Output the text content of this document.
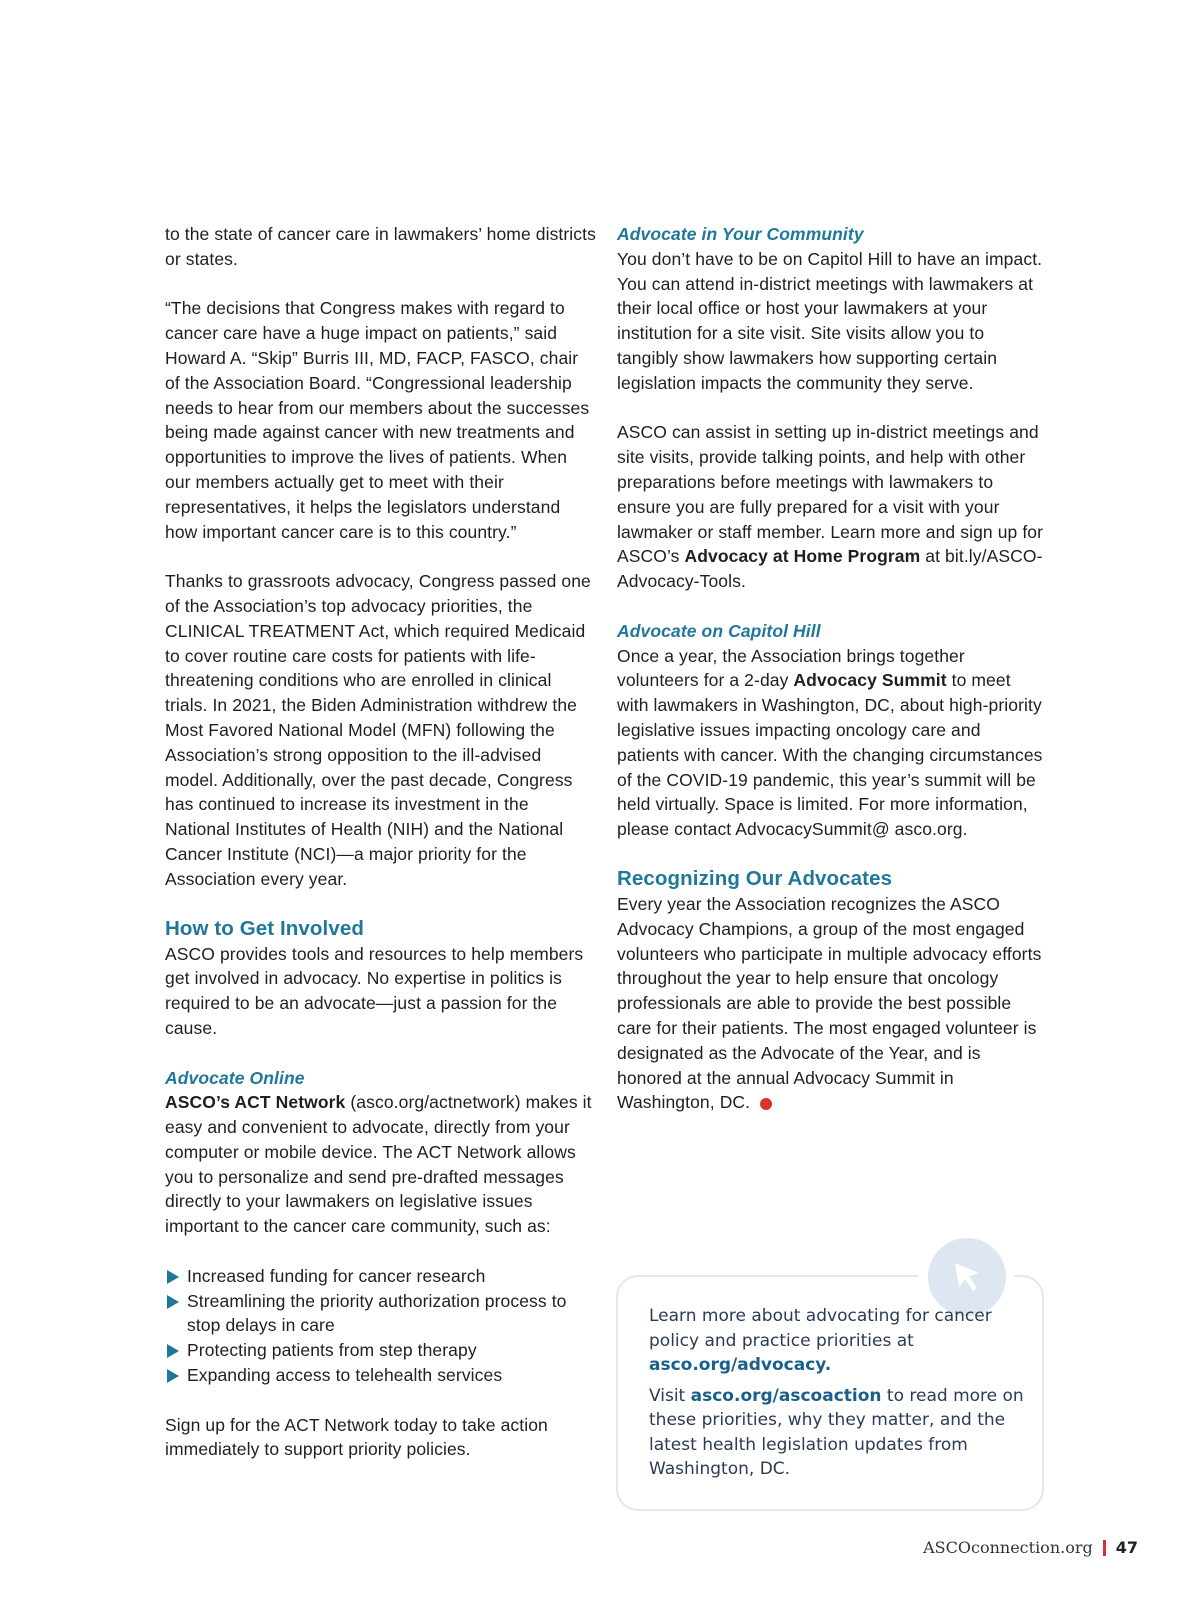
to the state of cancer care in lawmakers’ home districts or states.

“The decisions that Congress makes with regard to cancer care have a huge impact on patients,” said Howard A. “Skip” Burris III, MD, FACP, FASCO, chair of the Association Board. “Congressional leadership needs to hear from our members about the successes being made against cancer with new treatments and opportunities to improve the lives of patients. When our members actually get to meet with their representatives, it helps the legislators understand how important cancer care is to this country.”

Thanks to grassroots advocacy, Congress passed one of the Association’s top advocacy priorities, the CLINICAL TREATMENT Act, which required Medicaid to cover routine care costs for patients with life-threatening conditions who are enrolled in clinical trials. In 2021, the Biden Administration withdrew the Most Favored National Model (MFN) following the Association’s strong opposition to the ill-advised model. Additionally, over the past decade, Congress has continued to increase its investment in the National Institutes of Health (NIH) and the National Cancer Institute (NCI)—a major priority for the Association every year.

How to Get Involved

ASCO provides tools and resources to help members get involved in advocacy. No expertise in politics is required to be an advocate—just a passion for the cause.

Advocate Online

ASCO’s ACT Network (asco.org/actnetwork) makes it easy and convenient to advocate, directly from your computer or mobile device. The ACT Network allows you to personalize and send pre-drafted messages directly to your lawmakers on legislative issues important to the cancer care community, such as:

Increased funding for cancer research
Streamlining the priority authorization process to stop delays in care
Protecting patients from step therapy
Expanding access to telehealth services

Sign up for the ACT Network today to take action immediately to support priority policies.

Advocate in Your Community

You don’t have to be on Capitol Hill to have an impact. You can attend in-district meetings with lawmakers at their local office or host your lawmakers at your institution for a site visit. Site visits allow you to tangibly show lawmakers how supporting certain legislation impacts the community they serve.

ASCO can assist in setting up in-district meetings and site visits, provide talking points, and help with other preparations before meetings with lawmakers to ensure you are fully prepared for a visit with your lawmaker or staff member. Learn more and sign up for ASCO’s Advocacy at Home Program at bit.ly/ASCO-Advocacy-Tools.

Advocate on Capitol Hill

Once a year, the Association brings together volunteers for a 2-day Advocacy Summit to meet with lawmakers in Washington, DC, about high-priority legislative issues impacting oncology care and patients with cancer. With the changing circumstances of the COVID-19 pandemic, this year’s summit will be held virtually. Space is limited. For more information, please contact AdvocacySummit@ asco.org.

Recognizing Our Advocates

Every year the Association recognizes the ASCO Advocacy Champions, a group of the most engaged volunteers who participate in multiple advocacy efforts throughout the year to help ensure that oncology professionals are able to provide the best possible care for their patients. The most engaged volunteer is designated as the Advocate of the Year, and is honored at the annual Advocacy Summit in Washington, DC.

Learn more about advocating for cancer policy and practice priorities at asco.org/advocacy.

Visit asco.org/ascoaction to read more on these priorities, why they matter, and the latest health legislation updates from Washington, DC.

ASCOconnection.org 47
